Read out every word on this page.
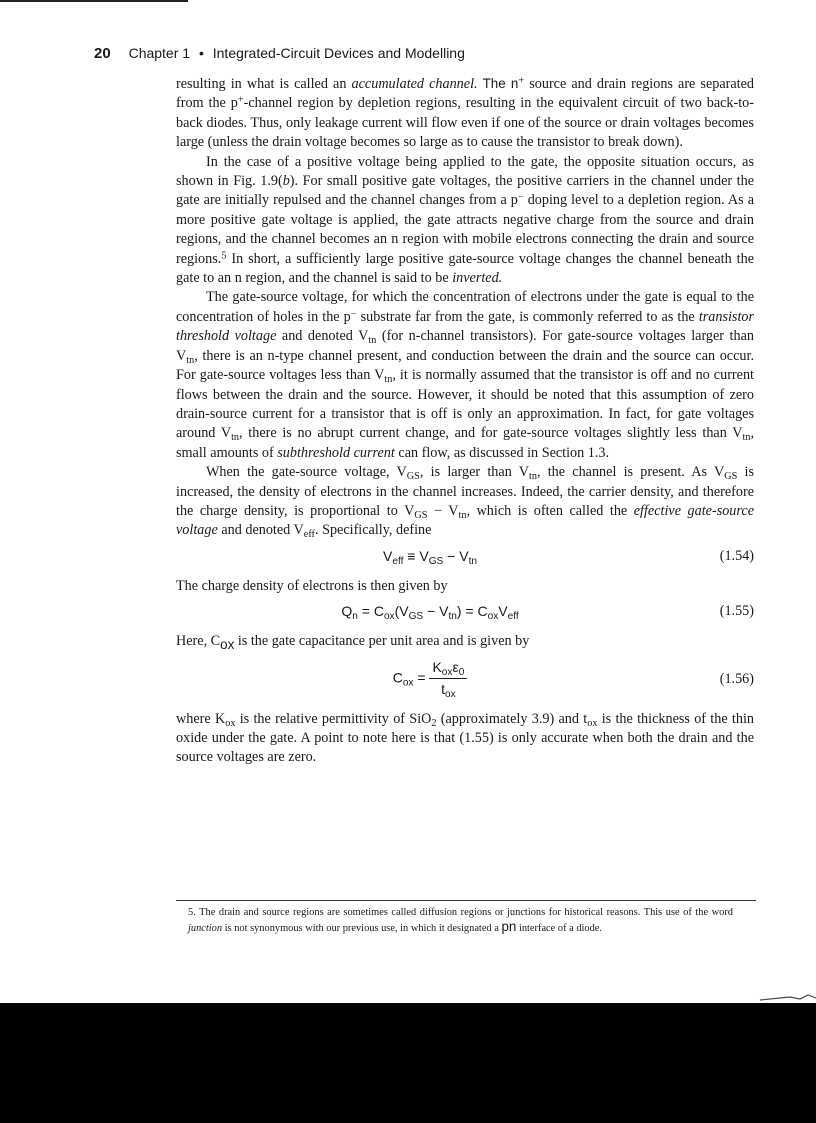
20 Chapter 1 • Integrated-Circuit Devices and Modelling

resulting in what is called an accumulated channel. The n+ source and drain regions are separated from the p+-channel region by depletion regions, resulting in the equivalent circuit of two back-to-back diodes. Thus, only leakage current will flow even if one of the source or drain voltages becomes large (unless the drain voltage becomes so large as to cause the transistor to break down).

In the case of a positive voltage being applied to the gate, the opposite situation occurs, as shown in Fig. 1.9(b). For small positive gate voltages, the positive carriers in the channel under the gate are initially repulsed and the channel changes from a p− doping level to a depletion region. As a more positive gate voltage is applied, the gate attracts negative charge from the source and drain regions, and the channel becomes an n region with mobile electrons connecting the drain and source regions.$^5$ In short, a sufficiently large positive gate-source voltage changes the channel beneath the gate to an n region, and the channel is said to be inverted.

The gate-source voltage, for which the concentration of electrons under the gate is equal to the concentration of holes in the p− substrate far from the gate, is commonly referred to as the transistor threshold voltage and denoted $V_{tn}$ (for n-channel transistors). For gate-source voltages larger than $V_{tn}$, there is an n-type channel present, and conduction between the drain and the source can occur. For gate-source voltages less than $V_{tn}$, it is normally assumed that the transistor is off and no current flows between the drain and the source. However, it should be noted that this assumption of zero drain-source current for a transistor that is off is only an approximation. In fact, for gate voltages around $V_{tn}$, there is no abrupt current change, and for gate-source voltages slightly less than $V_{tn}$, small amounts of subthreshold current can flow, as discussed in Section 1.3.

When the gate-source voltage, $V_{GS}$, is larger than $V_{tn}$, the channel is present. As $V_{GS}$ is increased, the density of electrons in the channel increases. Indeed, the carrier density, and therefore the charge density, is proportional to $V_{GS} - V_{tn}$, which is often called the effective gate-source voltage and denoted $V_{eff}$. Specifically, define

$V_{eff} \equiv V_{GS} - V_{tn}$	(1.54)

The charge density of electrons is then given by

$Q_n = C_{ox}(V_{GS} - V_{tn}) = C_{ox}V_{eff}$	(1.55)

Here, $C_{ox}$ is the gate capacitance per unit area and is given by

$C_{ox} = \frac{K_{ox}\varepsilon_0}{t_{ox}}$	(1.56)

where $K_{ox}$ is the relative permittivity of SiO$_2$ (approximately 3.9) and $t_{ox}$ is the thickness of the thin oxide under the gate. A point to note here is that (1.55) is only accurate when both the drain and the source voltages are zero.

5. The drain and source regions are sometimes called diffusion regions or junctions for historical reasons. This use of the word junction is not synonymous with our previous use, in which it designated a pn interface of a diode.
